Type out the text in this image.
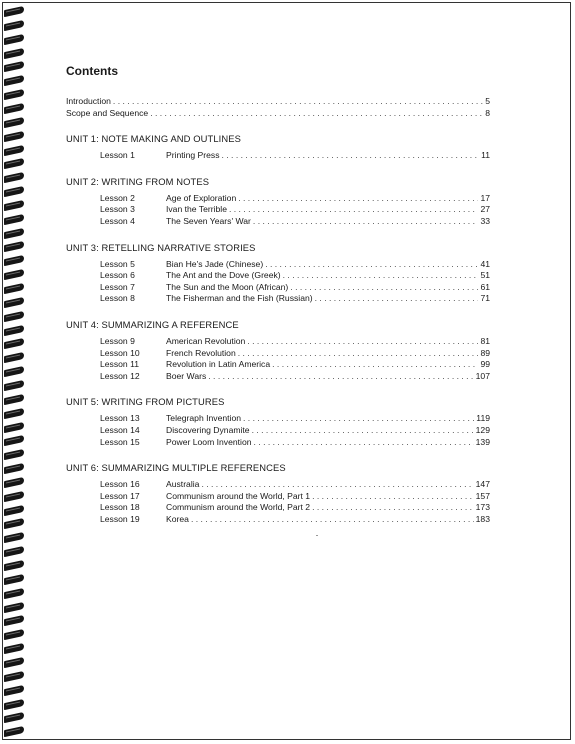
Contents
Introduction . . .	5
Scope and Sequence . . .	8
UNIT 1: NOTE MAKING AND OUTLINES
Lesson 1	Printing Press . . .	11
UNIT 2: WRITING FROM NOTES
Lesson 2	Age of Exploration . . .	17
Lesson 3	Ivan the Terrible . . .	27
Lesson 4	The Seven Years' War . . .	33
UNIT 3: RETELLING NARRATIVE STORIES
Lesson 5	Bian He's Jade (Chinese) . . .	41
Lesson 6	The Ant and the Dove (Greek) . . .	51
Lesson 7	The Sun and the Moon (African) . . .	61
Lesson 8	The Fisherman and the Fish (Russian) . . .	71
UNIT 4: SUMMARIZING A REFERENCE
Lesson 9	American Revolution . . .	81
Lesson 10	French Revolution . . .	89
Lesson 11	Revolution in Latin America . . .	99
Lesson 12	Boer Wars . . .	107
UNIT 5: WRITING FROM PICTURES
Lesson 13	Telegraph Invention . . .	119
Lesson 14	Discovering Dynamite . . .	129
Lesson 15	Power Loom Invention . . .	139
UNIT 6: SUMMARIZING MULTIPLE REFERENCES
Lesson 16	Australia . . .	147
Lesson 17	Communism around the World, Part 1 . . .	157
Lesson 18	Communism around the World, Part 2 . . .	173
Lesson 19	Korea . . .	183
